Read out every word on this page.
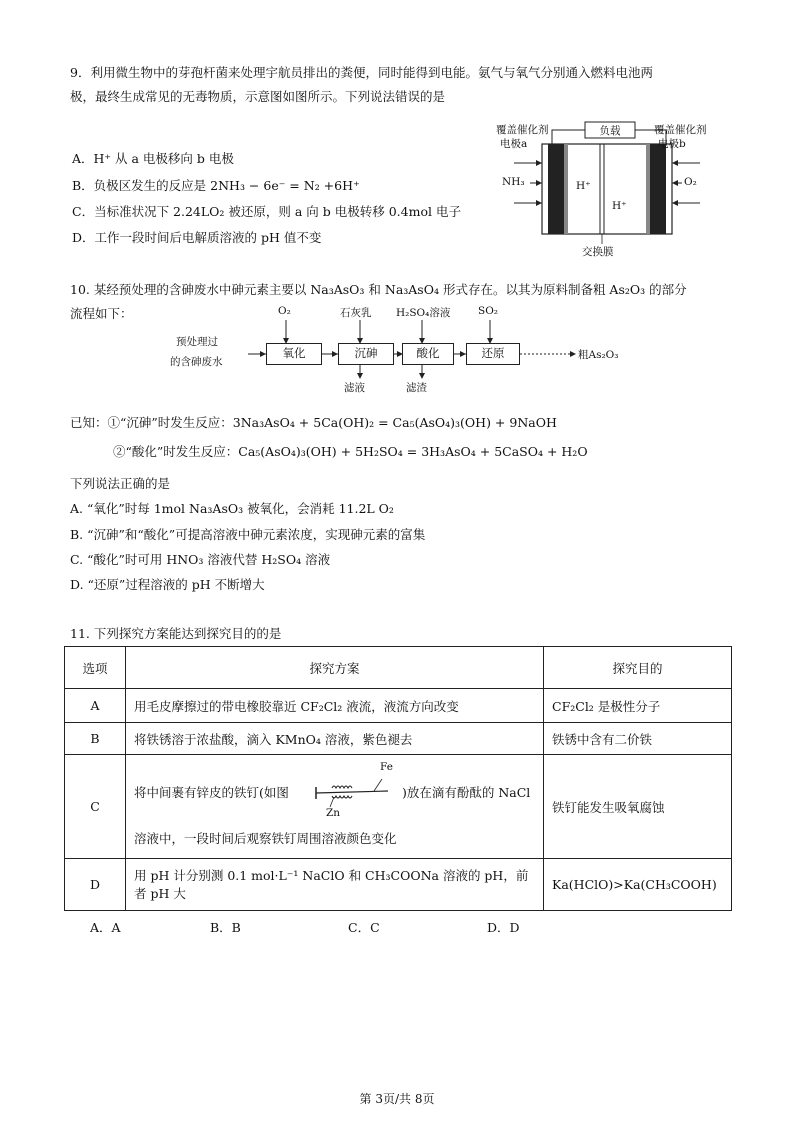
9．利用微生物中的芽孢杆菌来处理宇航员排出的粪便，同时能得到电能。氨气与氧气分别通入燃料电池两
极，最终生成常见的无毒物质，示意图如图所示。下列说法错误的是
A．H⁺ 从 a 电极移向 b 电极
B．负极区发生的反应是 2NH₃ − 6e⁻ = N₂ +6H⁺
C．当标准状况下 2.24LO₂ 被还原，则 a 向 b 电极转移 0.4mol 电子
D．工作一段时间后电解质溶液的 pH 值不变
负载
覆盖催化剂
电极a
覆盖催化剂
电极b
NH₃	O₂
H⁺
H⁺
交换膜
10. 某经预处理的含砷废水中砷元素主要以 Na₃AsO₃ 和 Na₃AsO₄ 形式存在。以其为原料制备粗 As₂O₃ 的部分
流程如下：
预处理过
的含砷废水
氧化	沉砷	酸化	还原
O₂	石灰乳 H₂SO₄溶液	SO₂
滤液	滤渣
粗As₂O₃
已知：①“沉砷”时发生反应：3Na₃AsO₄ + 5Ca(OH)₂ = Ca₅(AsO₄)₃(OH) + 9NaOH
②“酸化”时发生反应：Ca₅(AsO₄)₃(OH) + 5H₂SO₄ = 3H₃AsO₄ + 5CaSO₄ + H₂O
下列说法正确的是
A. “氧化”时每 1mol Na₃AsO₃ 被氧化，会消耗 11.2L O₂
B. “沉砷”和“酸化”可提高溶液中砷元素浓度，实现砷元素的富集
C. “酸化”时可用 HNO₃ 溶液代替 H₂SO₄ 溶液
D. “还原”过程溶液的 pH 不断增大
11. 下列探究方案能达到探究目的的是
选项	探究方案	探究目的
A	用毛皮摩擦过的带电橡胶靠近 CF₂Cl₂ 液流，液流方向改变	CF₂Cl₂ 是极性分子
B	将铁锈溶于浓盐酸，滴入 KMnO₄ 溶液，紫色褪去	铁锈中含有二价铁
C	将中间裹有锌皮的铁钉(如图
Fe
Zn
)放在滴有酚酞的 NaCl
溶液中，一段时间后观察铁钉周围溶液颜色变化	铁钉能发生吸氧腐蚀
D	用 pH 计分别测 0.1 mol·L⁻¹ NaClO 和 CH₃COONa 溶液的 pH，前
者 pH 大	Ka(HClO)>Ka(CH₃COOH)
A．A	B．B	C．C	D．D
第 3页/共 8页
